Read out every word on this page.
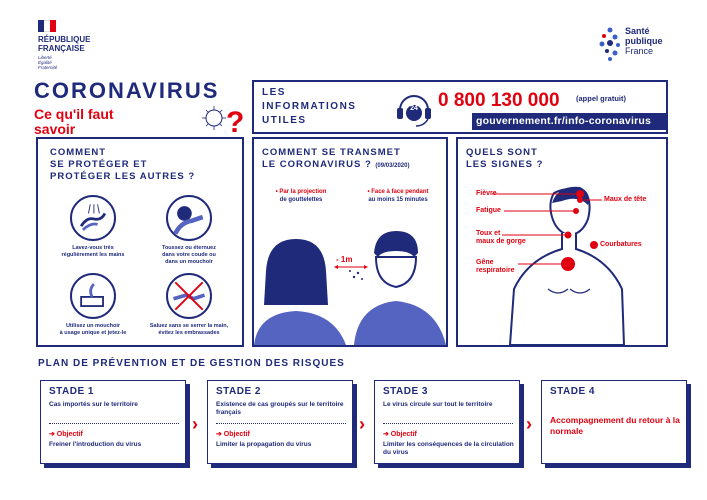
RÉPUBLIQUE
FRANÇAISE
Liberté
Égalité
Fraternité
Santé
publique
France
CORONAVIRUS
Ce qu'il faut savoir	?
LES
INFORMATIONS
UTILES
24 0 800 130 000 (appel gratuit)
gouvernement.fr/info-coronavirus
COMMENT
SE PROTÉGER ET
PROTÉGER LES AUTRES ?
Lavez-vous très
régulièrement les mains
Toussez ou éternuez
dans votre coude ou
dans un mouchoir
Utilisez un mouchoir
à usage unique et jetez-le
Saluez sans se serrer la main,
évitez les embrassades
COMMENT SE TRANSMET
LE CORONAVIRUS ? (09/03/2020)
• Par la projection
de gouttelettes
• Face à face pendant
au moins 15 minutes
- 1m
QUELS SONT
LES SIGNES ?
Fièvre
Maux de tête
Fatigue
Toux et
maux de gorge	Courbatures
Gêne
respiratoire
PLAN DE PRÉVENTION ET DE GESTION DES RISQUES
STADE 1
Cas importés sur le territoire
➔ Objectif
Freiner l'introduction du virus
›
STADE 2
Existence de cas groupés sur le territoire français
➔ Objectif
Limiter la propagation du virus
›
STADE 3
Le virus circule sur tout le territoire
➔ Objectif
Limiter les conséquences de la circulation du virus
›
STADE 4
Accompagnement du retour à la normale
